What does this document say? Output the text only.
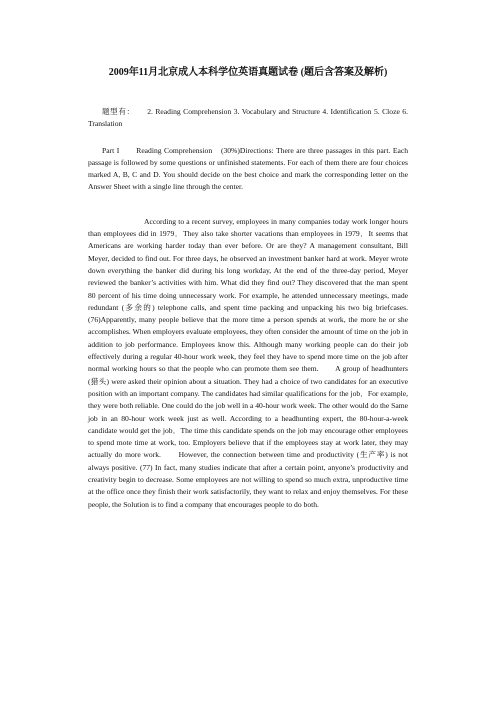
2009年11月北京成人本科学位英语真题试卷 (题后含答案及解析)

题型有：　　2. Reading Comprehension 3. Vocabulary and Structure 4. Identification 5. Cloze 6. Translation

Part I　　Reading Comprehension　(30%)Directions: There are three passages in this part. Each passage is followed by some questions or unfinished statements. For each of them there are four choices marked A, B, C and D. You should decide on the best choice and mark the corresponding letter on the Answer Sheet with a single line through the center.

According to a recent survey, employees in many companies today work longer hours than employees did in 1979．They also take shorter vacations than employees in 1979．It seems that Americans are working harder today than ever before. Or are they? A management consultant, Bill Meyer, decided to find out. For three days, he observed an investment banker hard at work. Meyer wrote down everything the banker did during his long workday, At the end of the three-day period, Meyer reviewed the banker’s activities with him. What did they find out? They discovered that the man spent 80 percent of his time doing unnecessary work. For example, he attended unnecessary meetings, made redundant (多余的) telephone calls, and spent time packing and unpacking his two big briefcases.　　(76)Apparently, many people believe that the more time a person spends at work, the more he or she accomplishes. When employers evaluate employees, they often consider the amount of time on the job in addition to job performance. Employees know this. Although many working people can do their job effectively during a regular 40-hour work week, they feel they have to spend more time on the job after normal working hours so that the people who can promote them see them.　　A group of headhunters (猎头) were asked their opinion about a situation. They had a choice of two candidates for an executive position with an important company. The candidates had similar qualifications for the job．For example, they were both reliable. One could do the job well in a 40-hour work week. The other would do the Same job in an 80-hour work week just as well. According to a headhunting expert, the 80-hour-a-week candidate would get the job．The time this candidate spends on the job may encourage other employees to spend mote time at work, too. Employers believe that if the employees stay at work later, they may actually do more work.　　However, the connection between time and productivity (生产率) is not always positive. (77) In fact, many studies indicate that after a certain point, anyone’s productivity and creativity begin to decrease. Some employees are not willing to spend so much extra, unproductive time at the office once they finish their work satisfactorily, they want to relax and enjoy themselves. For these people, the Solution is to find a company that encourages people to do both.
